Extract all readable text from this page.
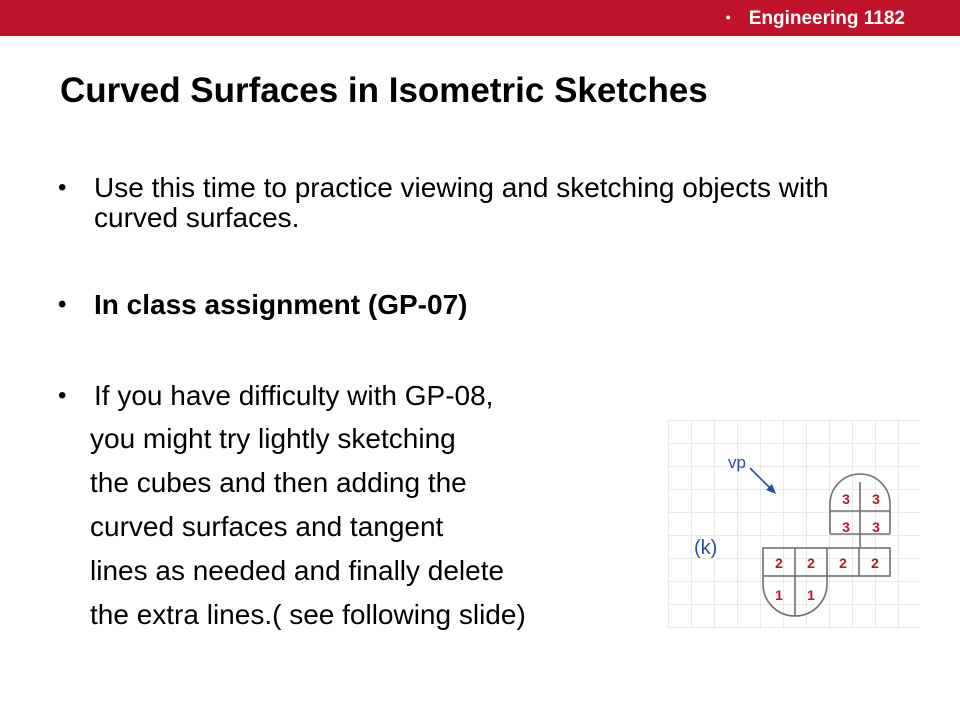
• Engineering 1182
Curved Surfaces in Isometric Sketches
• Use this time to practice viewing and sketching objects with curved surfaces.
• In class assignment (GP-07)
• If you have difficulty with GP-08,
you might try lightly sketching
the cubes and then adding the
curved surfaces and tangent
lines as needed and finally delete
the extra lines.( see following slide)
vp
(k)
3 3
3 3
2 2 2 2
1 1
